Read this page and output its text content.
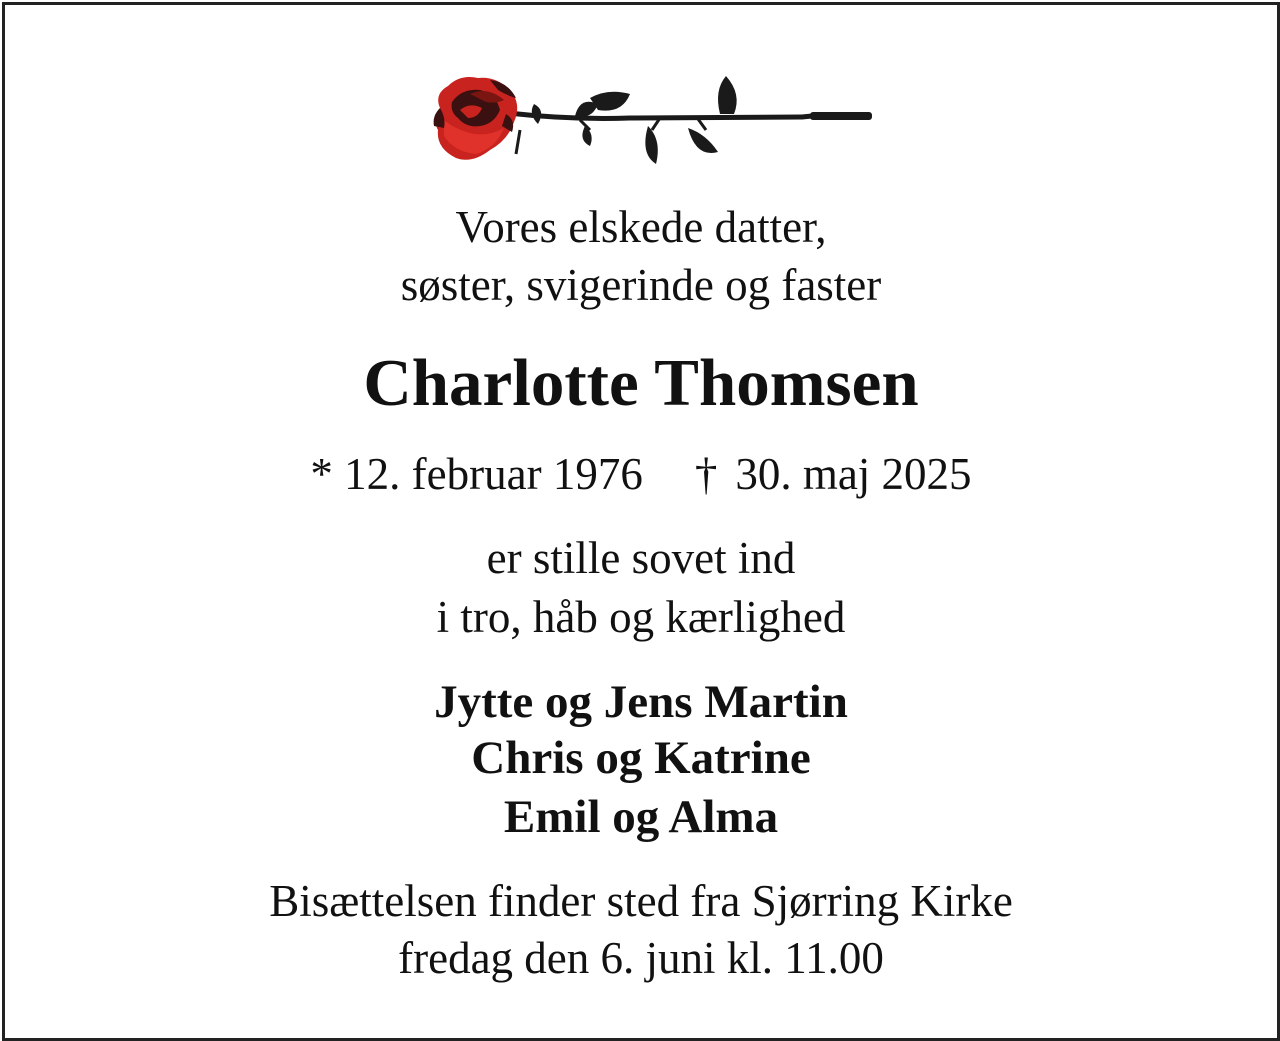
Vores elskede datter,
søster, svigerinde og faster
Charlotte Thomsen
* 12. februar 1976 † 30. maj 2025
er stille sovet ind
i tro, håb og kærlighed
Jytte og Jens Martin
Chris og Katrine
Emil og Alma
Bisættelsen finder sted fra Sjørring Kirke
fredag den 6. juni kl. 11.00
